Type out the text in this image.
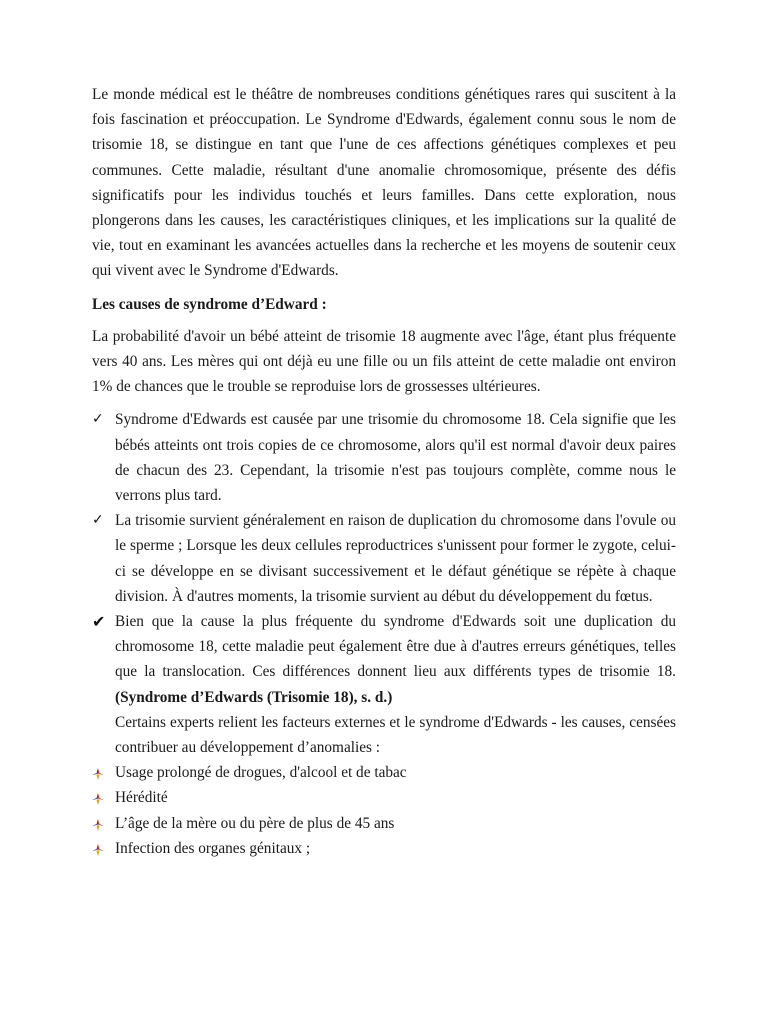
Le monde médical est le théâtre de nombreuses conditions génétiques rares qui suscitent à la fois fascination et préoccupation. Le Syndrome d'Edwards, également connu sous le nom de trisomie 18, se distingue en tant que l'une de ces affections génétiques complexes et peu communes. Cette maladie, résultant d'une anomalie chromosomique, présente des défis significatifs pour les individus touchés et leurs familles. Dans cette exploration, nous plongerons dans les causes, les caractéristiques cliniques, et les implications sur la qualité de vie, tout en examinant les avancées actuelles dans la recherche et les moyens de soutenir ceux qui vivent avec le Syndrome d'Edwards.

Les causes de syndrome d’Edward :

La probabilité d'avoir un bébé atteint de trisomie 18 augmente avec l'âge, étant plus fréquente vers 40 ans. Les mères qui ont déjà eu une fille ou un fils atteint de cette maladie ont environ 1% de chances que le trouble se reproduise lors de grossesses ultérieures.

✓ Syndrome d'Edwards est causée par une trisomie du chromosome 18. Cela signifie que les bébés atteints ont trois copies de ce chromosome, alors qu'il est normal d'avoir deux paires de chacun des 23. Cependant, la trisomie n'est pas toujours complète, comme nous le verrons plus tard.
✓ La trisomie survient généralement en raison de duplication du chromosome dans l'ovule ou le sperme ; Lorsque les deux cellules reproductrices s'unissent pour former le zygote, celui-ci se développe en se divisant successivement et le défaut génétique se répète à chaque division. À d'autres moments, la trisomie survient au début du développement du fœtus.
✔ Bien que la cause la plus fréquente du syndrome d'Edwards soit une duplication du chromosome 18, cette maladie peut également être due à d'autres erreurs génétiques, telles que la translocation. Ces différences donnent lieu aux différents types de trisomie 18. (Syndrome d’Edwards (Trisomie 18), s. d.)

Certains experts relient les facteurs externes et le syndrome d'Edwards - les causes, censées contribuer au développement d’anomalies :

Usage prolongé de drogues, d'alcool et de tabac
Hérédité
L’âge de la mère ou du père de plus de 45 ans
Infection des organes génitaux ;
